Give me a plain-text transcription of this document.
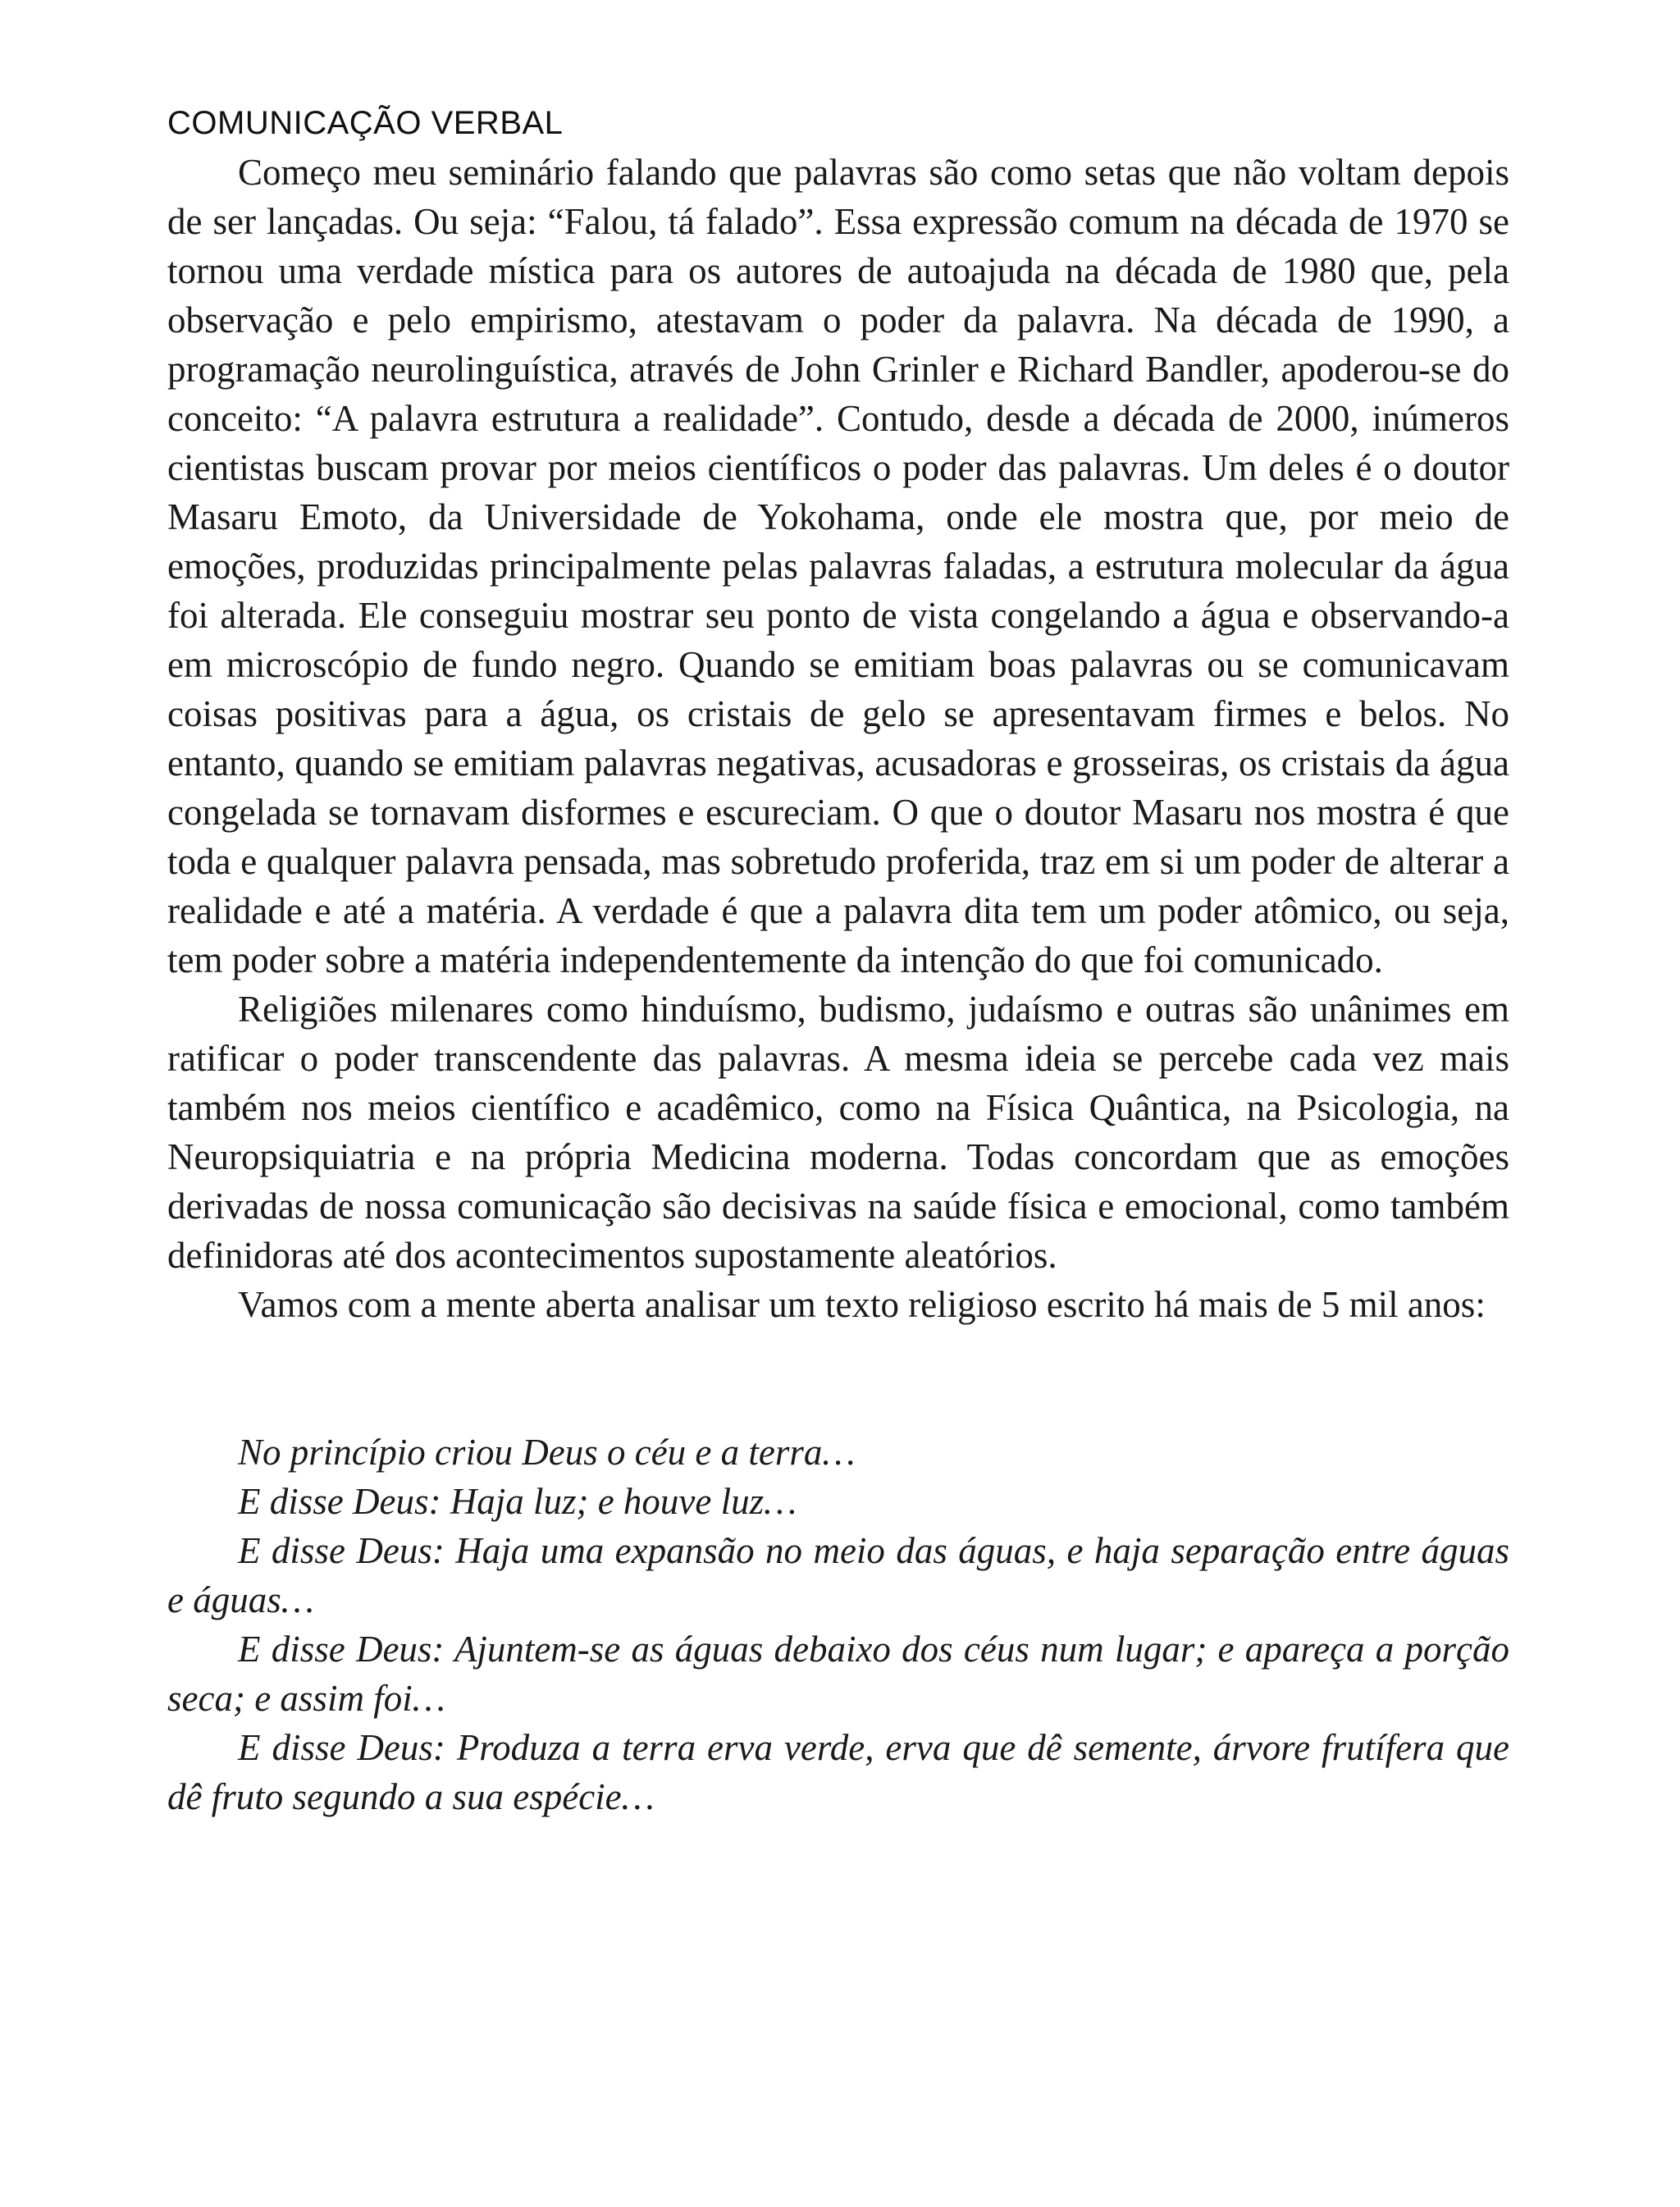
COMUNICAÇÃO VERBAL

Começo meu seminário falando que palavras são como setas que não voltam depois de ser lançadas. Ou seja: “Falou, tá falado”. Essa expressão comum na década de 1970 se tornou uma verdade mística para os autores de autoajuda na década de 1980 que, pela observação e pelo empirismo, atestavam o poder da palavra. Na década de 1990, a programação neurolinguística, através de John Grinler e Richard Bandler, apoderou-se do conceito: “A palavra estrutura a realidade”. Contudo, desde a década de 2000, inúmeros cientistas buscam provar por meios científicos o poder das palavras. Um deles é o doutor Masaru Emoto, da Universidade de Yokohama, onde ele mostra que, por meio de emoções, produzidas principalmente pelas palavras faladas, a estrutura molecular da água foi alterada. Ele conseguiu mostrar seu ponto de vista congelando a água e observando-a em microscópio de fundo negro. Quando se emitiam boas palavras ou se comunicavam coisas positivas para a água, os cristais de gelo se apresentavam firmes e belos. No entanto, quando se emitiam palavras negativas, acusadoras e grosseiras, os cristais da água congelada se tornavam disformes e escureciam. O que o doutor Masaru nos mostra é que toda e qualquer palavra pensada, mas sobretudo proferida, traz em si um poder de alterar a realidade e até a matéria. A verdade é que a palavra dita tem um poder atômico, ou seja, tem poder sobre a matéria independentemente da intenção do que foi comunicado.

Religiões milenares como hinduísmo, budismo, judaísmo e outras são unânimes em ratificar o poder transcendente das palavras. A mesma ideia se percebe cada vez mais também nos meios científico e acadêmico, como na Física Quântica, na Psicologia, na Neuropsiquiatria e na própria Medicina moderna. Todas concordam que as emoções derivadas de nossa comunicação são decisivas na saúde física e emocional, como também definidoras até dos acontecimentos supostamente aleatórios.

Vamos com a mente aberta analisar um texto religioso escrito há mais de 5 mil anos:

No princípio criou Deus o céu e a terra…

E disse Deus: Haja luz; e houve luz…

E disse Deus: Haja uma expansão no meio das águas, e haja separação entre águas e águas…

E disse Deus: Ajuntem-se as águas debaixo dos céus num lugar; e apareça a porção seca; e assim foi…

E disse Deus: Produza a terra erva verde, erva que dê semente, árvore frutífera que dê fruto segundo a sua espécie…
